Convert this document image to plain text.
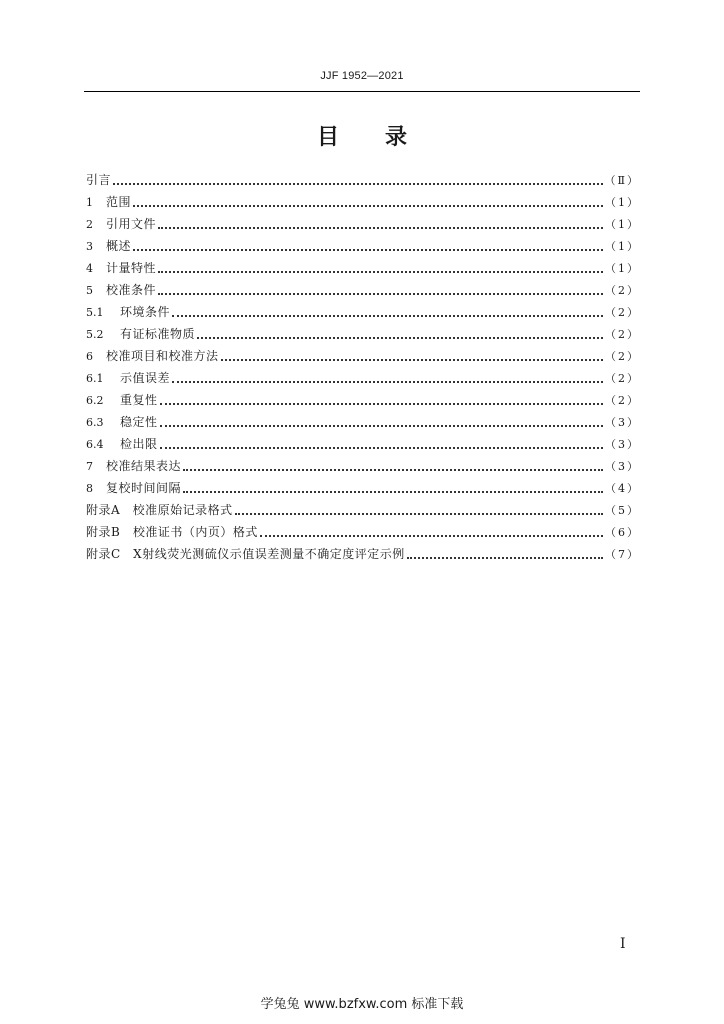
JJF 1952—2021
目 录
引言	（Ⅱ）
1	范围	（1）
2	引用文件	（1）
3	概述	（1）
4	计量特性	（1）
5	校准条件	（2）
5.1	环境条件	（2）
5.2	有证标准物质	（2）
6	校准项目和校准方法	（2）
6.1	示值误差	（2）
6.2	重复性	（2）
6.3	稳定性	（3）
6.4	检出限	（3）
7	校准结果表达	（3）
8	复校时间间隔	（4）
附录A　校准原始记录格式	（5）
附录B　校准证书（内页）格式	（6）
附录C　X射线荧光测硫仪示值误差测量不确定度评定示例	（7）
I
学兔兔 www.bzfxw.com 标准下载
